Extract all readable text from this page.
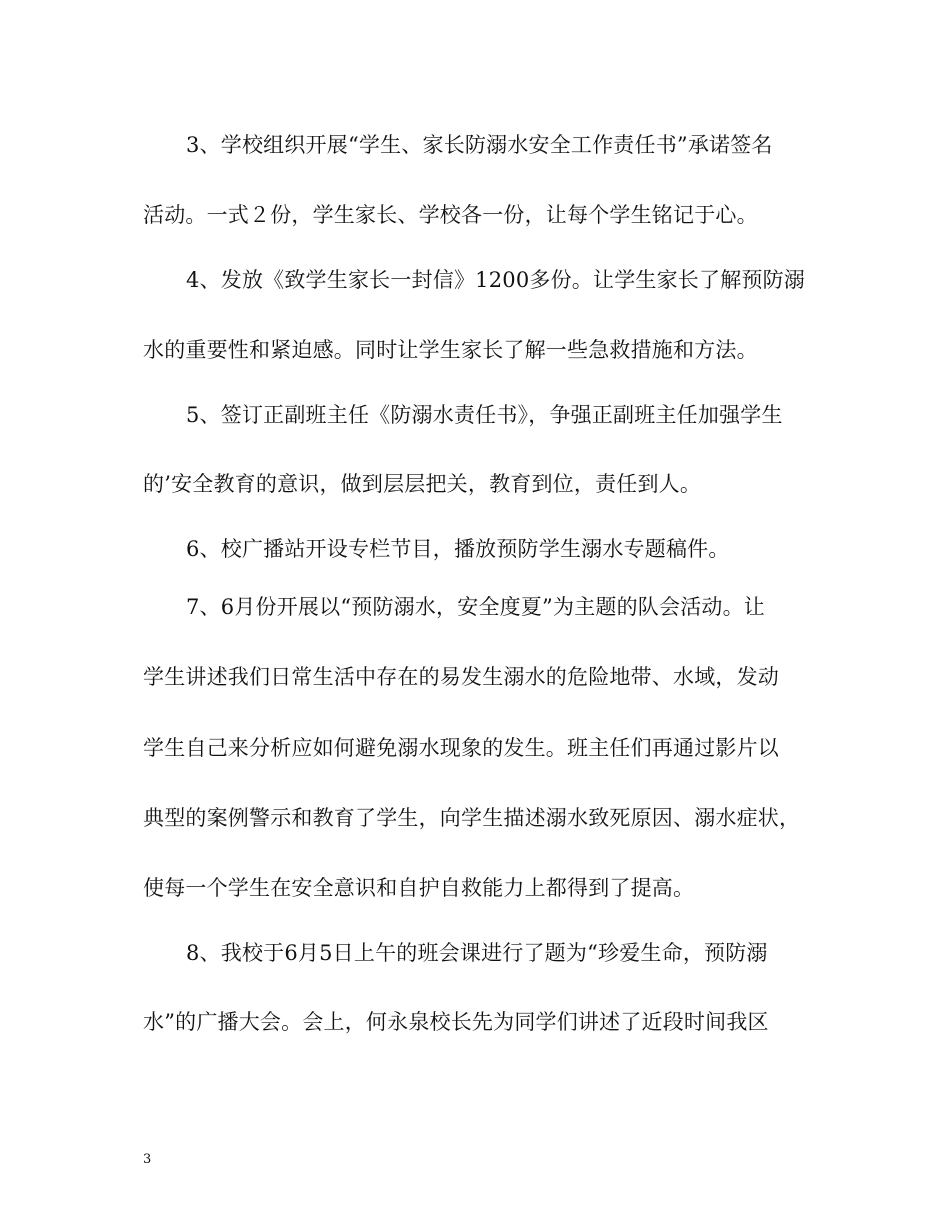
3、学校组织开展“学生、家长防溺水安全工作责任书”承诺签名
活动。一式２份，学生家长、学校各一份，让每个学生铭记于心。
4、发放《致学生家长一封信》1200多份。让学生家长了解预防溺
水的重要性和紧迫感。同时让学生家长了解一些急救措施和方法。
5、签订正副班主任《防溺水责任书》，争强正副班主任加强学生
的’安全教育的意识，做到层层把关，教育到位，责任到人。
6、校广播站开设专栏节目，播放预防学生溺水专题稿件。
7、6月份开展以“预防溺水，安全度夏”为主题的队会活动。让
学生讲述我们日常生活中存在的易发生溺水的危险地带、水域，发动
学生自己来分析应如何避免溺水现象的发生。班主任们再通过影片以
典型的案例警示和教育了学生，向学生描述溺水致死原因、溺水症状，
使每一个学生在安全意识和自护自救能力上都得到了提高。
8、我校于6月5日上午的班会课进行了题为“珍爱生命，预防溺
水”的广播大会。会上，何永泉校长先为同学们讲述了近段时间我区
3
